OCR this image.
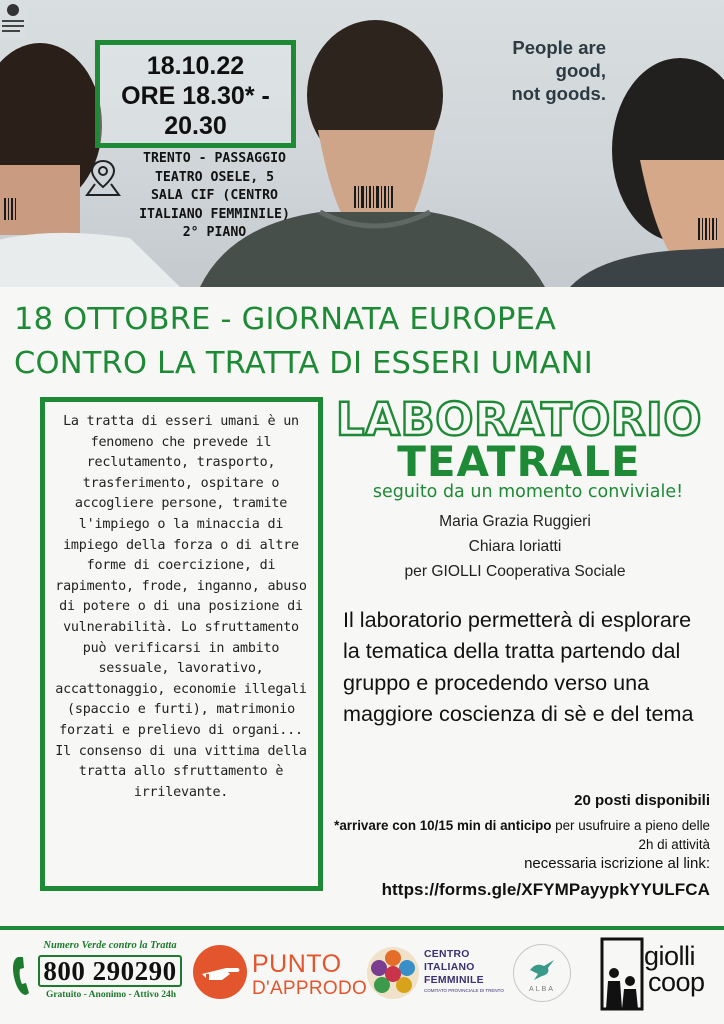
People are good,
not goods.
18.10.22
ORE 18.30* -
20.30
TRENTO - PASSAGGIO
TEATRO OSELE, 5
SALA CIF (CENTRO
ITALIANO FEMMINILE)
2° PIANO
18 OTTOBRE - GIORNATA EUROPEA
CONTRO LA TRATTA DI ESSERI UMANI
La tratta di esseri umani è un fenomeno che prevede il reclutamento, trasporto, trasferimento, ospitare o accogliere persone, tramite l'impiego o la minaccia di impiego della forza o di altre forme di coercizione, di rapimento, frode, inganno, abuso di potere o di una posizione di vulnerabilità. Lo sfruttamento può verificarsi in ambito sessuale, lavorativo, accattonaggio, economie illegali (spaccio e furti), matrimonio forzati e prelievo di organi... Il consenso di una vittima della tratta allo sfruttamento è irrilevante.
LABORATORIO
TEATRALE
seguito da un momento conviviale!
Maria Grazia Ruggieri
Chiara Ioriatti
per GIOLLI Cooperativa Sociale
Il laboratorio permetterà di esplorare la tematica della tratta partendo dal gruppo e procedendo verso una maggiore coscienza di sè e del tema
20 posti disponibili
*arrivare con 10/15 min di anticipo per usufruire a pieno delle 2h di attività
necessaria iscrizione al link:
https://forms.gle/XFYMPayypkYYULFCA
Numero Verde contro la Tratta
800 290290
Gratuito - Anonimo - Attivo 24h
PUNTO
D'APPRODO
CENTRO
ITALIANO
FEMMINILE
COMITATO PROVINCIALE DI TRENTO	ALBA
giolli
coop
